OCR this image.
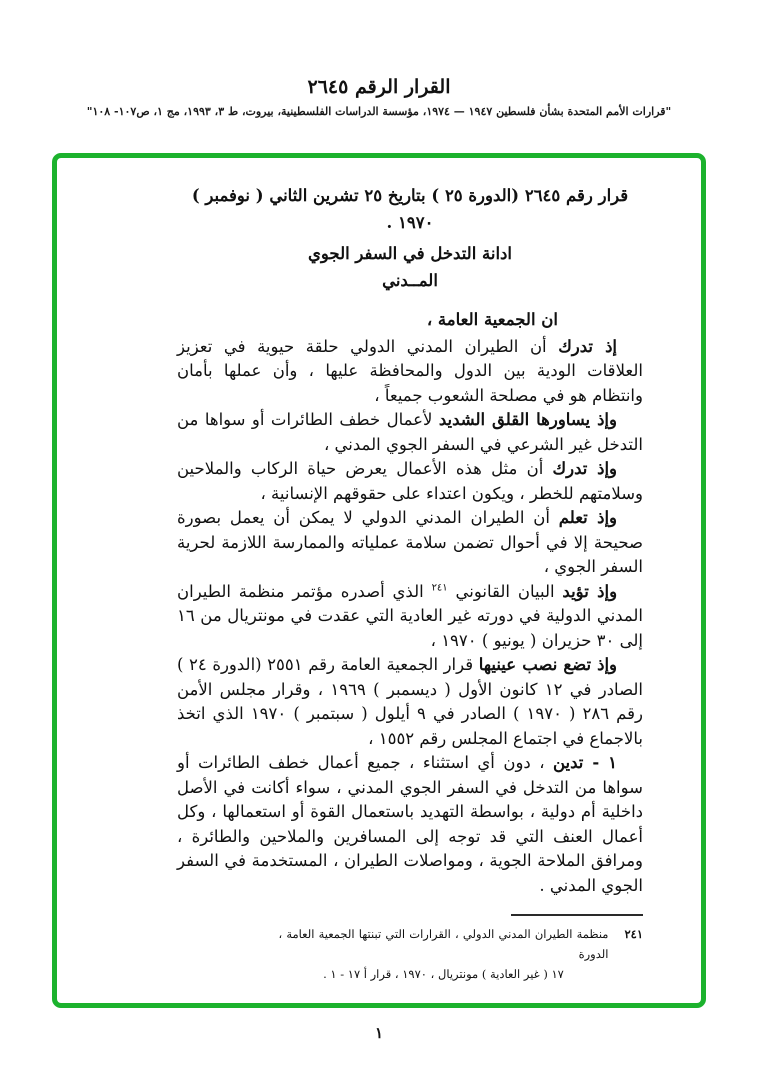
القرار الرقم ٢٦٤٥
"قرارات الأمم المتحدة بشأن فلسطين ١٩٤٧ — ١٩٧٤، مؤسسة الدراسات الفلسطينية، بيروت، ط ٣، ١٩٩٣، مج ١، ص١٠٧- ١٠٨"
قرار رقم ٢٦٤٥ (الدورة ٢٥ ) بتاريخ ٢٥ تشرين الثاني ( نوفمبر )
١٩٧٠ .
ادانة التدخل في السفر الجوي
المــدني

ان الجمعية العامة ،

إذ تدرك أن الطيران المدني الدولي حلقة حيوية في تعزيز العلاقات الودية بين الدول والمحافظة عليها ، وأن عملها بأمان وانتظام هو في مصلحة الشعوب جميعاً ،

وإذ يساورها القلق الشديد لأعمال خطف الطائرات أو سواها من التدخل غير الشرعي في السفر الجوي المدني ،

وإذ تدرك أن مثل هذه الأعمال يعرض حياة الركاب والملاحين وسلامتهم للخطر ، ويكون اعتداء على حقوقهم الإنسانية ،

وإذ تعلم أن الطيران المدني الدولي لا يمكن أن يعمل بصورة صحيحة إلا في أحوال تضمن سلامة عملياته والممارسة اللازمة لحرية السفر الجوي ،

وإذ تؤيد البيان القانوني $^{٢٤١}$ الذي أصدره مؤتمر منظمة الطيران المدني الدولية في دورته غير العادية التي عقدت في مونتريال من ١٦ إلى ٣٠ حزيران ( يونيو ) ١٩٧٠ ،

وإذ تضع نصب عينيها قرار الجمعية العامة رقم ٢٥٥١ (الدورة ٢٤ ) الصادر في ١٢ كانون الأول ( ديسمبر ) ١٩٦٩ ، وقرار مجلس الأمن رقم ٢٨٦ ( ١٩٧٠ ) الصادر في ٩ أيلول ( سبتمبر ) ١٩٧٠ الذي اتخذ بالاجماع في اجتماع المجلس رقم ١٥٥٢ ،

١ - تدين ، دون أي استثناء ، جميع أعمال خطف الطائرات أو سواها من التدخل في السفر الجوي المدني ، سواء أكانت في الأصل داخلية أم دولية ، بواسطة التهديد باستعمال القوة أو استعمالها ، وكل أعمال العنف التي قد توجه إلى المسافرين والملاحين والطائرة ، ومرافق الملاحة الجوية ، ومواصلات الطيران ، المستخدمة في السفر الجوي المدني .

٢٤١
منظمة الطيران المدني الدولي ، القرارات التي تبنتها الجمعية العامة ، الدورة
١٧ ( غير العادية ) مونتريال ، ١٩٧٠ ، قرار أ ١٧ - ١ .
١
